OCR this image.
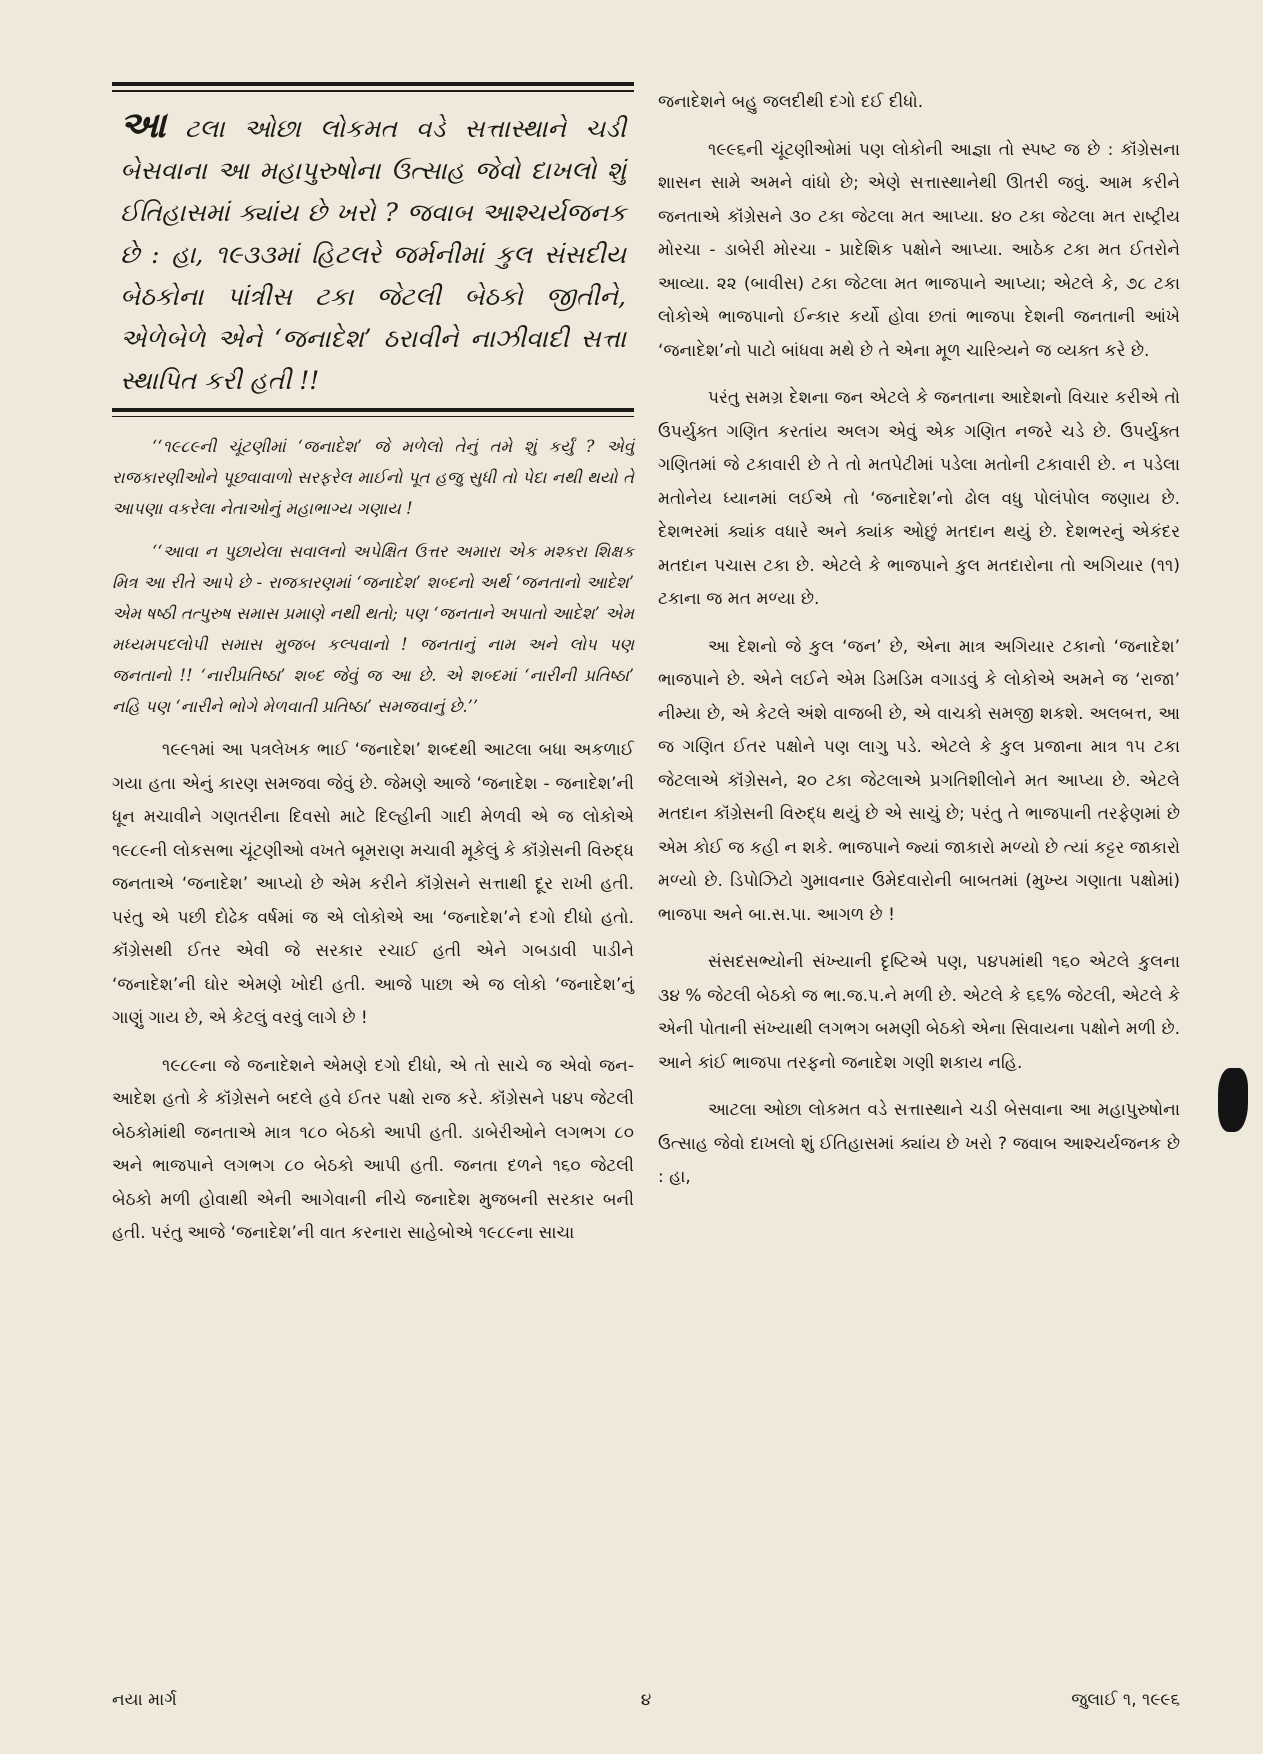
આ ટલા ઓછા લોકમત વડે સત્તાસ્થાને ચડી બેસવાના આ મહાપુરુષોના ઉત્સાહ જેવો દાખલો શું ઈતિહાસમાં ક્યાંય છે ખરો ? જવાબ આશ્ચર્યજનક છે : હા, ૧૯૩૩માં હિટલરે જર્મનીમાં કુલ સંસદીય બેઠકોના પાંત્રીસ ટકા જેટલી બેઠકો જીતીને, એળેબેળે એને ‘જનાદેશ’ ઠરાવીને નાઝીવાદી સત્તા સ્થાપિત કરી હતી !!

‘‘૧૯૮૯ની ચૂંટણીમાં ‘જનાદેશ’ જે મળેલો તેનું તમે શું કર્યું ? એવું રાજકારણીઓને પૂછવાવાળો સરફરેલ માઈનો પૂત હજુ સુધી તો પેદા નથી થયો તે આપણા વકરેલા નેતાઓનું મહાભાગ્ય ગણાય !

‘‘આવા ન પુછાયેલા સવાલનો અપેક્ષિત ઉત્તર અમારા એક મશ્કરા શિક્ષક મિત્ર આ રીતે આપે છે - રાજકારણમાં ‘જનાદેશ’ શબ્દનો અર્થ ‘જનતાનો આદેશ’ એમ ષષ્ઠી તત્પુરુષ સમાસ પ્રમાણે નથી થતો; પણ ‘જનતાને અપાતો આદેશ’ એમ મધ્યમપદલોપી સમાસ મુજબ કલ્પવાનો ! જનતાનું નામ અને લોપ પણ જનતાનો !! ‘નારીપ્રતિષ્ઠા’ શબ્દ જેવું જ આ છે. એ શબ્દમાં ‘નારીની પ્રતિષ્ઠા’ નહિ પણ ‘નારીને ભોગે મેળવાતી પ્રતિષ્ઠા’ સમજવાનું છે.’’

૧૯૯૧માં આ પત્રલેખક ભાઈ ‘જનાદેશ’ શબ્દથી આટલા બધા અકળાઈ ગયા હતા એનું કારણ સમજવા જેવું છે. જેમણે આજે ‘જનાદેશ - જનાદેશ’ની ધૂન મચાવીને ગણતરીના દિવસો માટે દિલ્હીની ગાદી મેળવી એ જ લોકોએ ૧૯૮૯ની લોકસભા ચૂંટણીઓ વખતે બૂમરાણ મચાવી મૂકેલું કે કૉંગ્રેસની વિરુદ્ધ જનતાએ ‘જનાદેશ’ આપ્યો છે એમ કરીને કૉંગ્રેસને સત્તાથી દૂર રાખી હતી. પરંતુ એ પછી દોઢેક વર્ષમાં જ એ લોકોએ આ ‘જનાદેશ’ને દગો દીધો હતો. કૉંગ્રેસથી ઈતર એવી જે સરકાર રચાઈ હતી એને ગબડાવી પાડીને ‘જનાદેશ’ની ઘોર એમણે ખોદી હતી. આજે પાછા એ જ લોકો ‘જનાદેશ’નું ગાણું ગાય છે, એ કેટલું વરવું લાગે છે !

૧૯૮૯ના જે જનાદેશને એમણે દગો દીધો, એ તો સાચે જ એવો જન-આદેશ હતો કે કૉંગ્રેસને બદલે હવે ઈતર પક્ષો રાજ કરે. કૉંગ્રેસને ૫૪૫ જેટલી બેઠકોમાંથી જનતાએ માત્ર ૧૮૦ બેઠકો આપી હતી. ડાબેરીઓને લગભગ ૮૦ અને ભાજપાને લગભગ ૮૦ બેઠકો આપી હતી. જનતા દળને ૧૬૦ જેટલી બેઠકો મળી હોવાથી એની આગેવાની નીચે જનાદેશ મુજબની સરકાર બની હતી. પરંતુ આજે ‘જનાદેશ’ની વાત કરનારા સાહેબોએ ૧૯૮૯ના સાચા

જનાદેશને બહુ જલદીથી દગો દઈ દીધો.

૧૯૯૬ની ચૂંટણીઓમાં પણ લોકોની આજ્ઞા તો સ્પષ્ટ જ છે : કૉંગ્રેસના શાસન સામે અમને વાંધો છે; એણે સત્તાસ્થાનેથી ઊતરી જવું. આમ કરીને જનતાએ કૉંગ્રેસને ૩૦ ટકા જેટલા મત આપ્યા. ૪૦ ટકા જેટલા મત રાષ્ટ્રીય મોરચા - ડાબેરી મોરચા - પ્રાદેશિક પક્ષોને આપ્યા. આઠેક ટકા મત ઈતરોને આવ્યા. ૨૨ (બાવીસ) ટકા જેટલા મત ભાજપાને આપ્યા; એટલે કે, ૭૮ ટકા લોકોએ ભાજપાનો ઈન્કાર કર્યો હોવા છતાં ભાજપા દેશની જનતાની આંખે ‘જનાદેશ’નો પાટો બાંધવા મથે છે તે એના મૂળ ચારિત્ર્યને જ વ્યક્ત કરે છે.

પરંતુ સમગ્ર દેશના જન એટલે કે જનતાના આદેશનો વિચાર કરીએ તો ઉપર્યુક્ત ગણિત કરતાંય અલગ એવું એક ગણિત નજરે ચડે છે. ઉપર્યુક્ત ગણિતમાં જે ટકાવારી છે તે તો મતપેટીમાં પડેલા મતોની ટકાવારી છે. ન પડેલા મતોનેય ધ્યાનમાં લઈએ તો ‘જનાદેશ’નો ઢોલ વધુ પોલંપોલ જણાય છે. દેશભરમાં ક્યાંક વધારે અને ક્યાંક ઓછું મતદાન થયું છે. દેશભરનું એકંદર મતદાન પચાસ ટકા છે. એટલે કે ભાજપાને કુલ મતદારોના તો અગિયાર (૧૧) ટકાના જ મત મળ્યા છે.

આ દેશનો જે કુલ ‘જન’ છે, એના માત્ર અગિયાર ટકાનો ‘જનાદેશ’ ભાજપાને છે. એને લઈને એમ ડિમડિમ વગાડવું કે લોકોએ અમને જ ‘રાજા’ નીમ્યા છે, એ કેટલે અંશે વાજબી છે, એ વાચકો સમજી શકશે. અલબત્ત, આ જ ગણિત ઈતર પક્ષોને પણ લાગુ પડે. એટલે કે કુલ પ્રજાના માત્ર ૧૫ ટકા જેટલાએ કૉંગ્રેસને, ૨૦ ટકા જેટલાએ પ્રગતિશીલોને મત આપ્યા છે. એટલે મતદાન કૉંગ્રેસની વિરુદ્ધ થયું છે એ સાચું છે; પરંતુ તે ભાજપાની તરફેણમાં છે એમ કોઈ જ કહી ન શકે. ભાજપાને જ્યાં જાકારો મળ્યો છે ત્યાં કટ્ટર જાકારો મળ્યો છે. ડિપોઝિટો ગુમાવનાર ઉમેદવારોની બાબતમાં (મુખ્ય ગણાતા પક્ષોમાં) ભાજપા અને બા.સ.પા. આગળ છે !

સંસદસભ્યોની સંખ્યાની દૃષ્ટિએ પણ, ૫૪૫માંથી ૧૬૦ એટલે કુલના ૩૪ % જેટલી બેઠકો જ ભા.જ.પ.ને મળી છે. એટલે કે ૬૬% જેટલી, એટલે કે એની પોતાની સંખ્યાથી લગભગ બમણી બેઠકો એના સિવાયના પક્ષોને મળી છે. આને કાંઈ ભાજપા તરફનો જનાદેશ ગણી શકાય નહિ.

આટલા ઓછા લોકમત વડે સત્તાસ્થાને ચડી બેસવાના આ મહાપુરુષોના ઉત્સાહ જેવો દાખલો શું ઈતિહાસમાં ક્યાંય છે ખરો ? જવાબ આશ્ચર્યજનક છે : હા,

નયા માર્ગ	૪	જુલાઈ ૧, ૧૯૯૬
